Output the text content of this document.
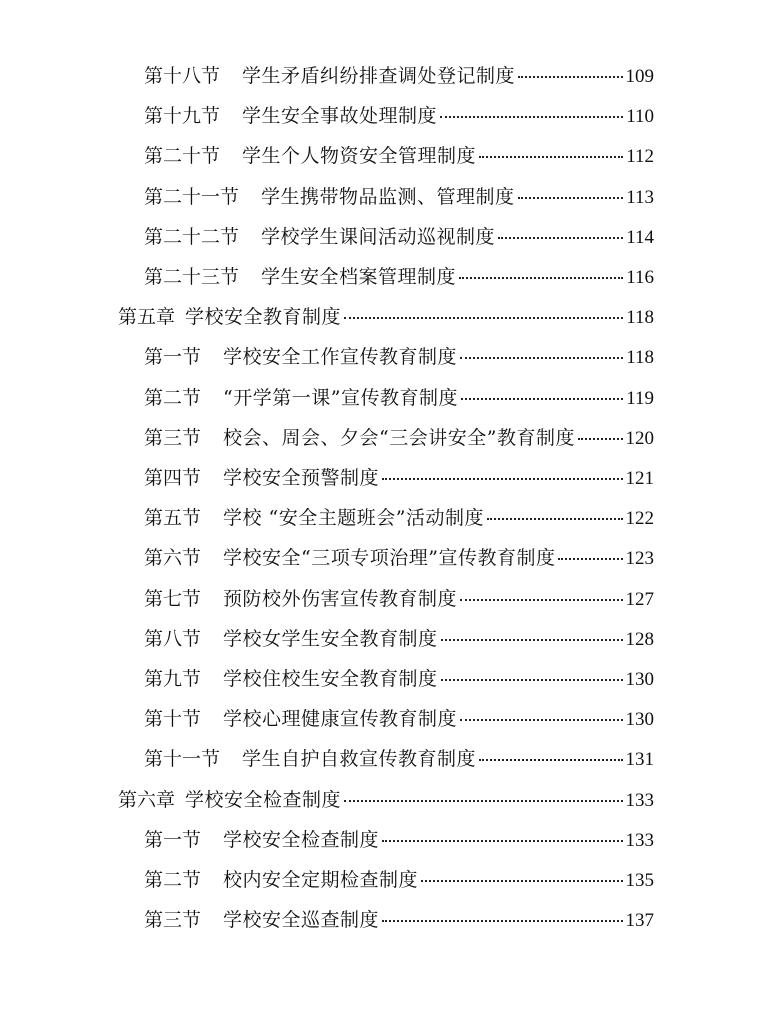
第十八节 学生矛盾纠纷排查调处登记制度	109
第十九节 学生安全事故处理制度	110
第二十节 学生个人物资安全管理制度	112
第二十一节 学生携带物品监测、管理制度	113
第二十二节 学校学生课间活动巡视制度	114
第二十三节 学生安全档案管理制度	116
第五章 学校安全教育制度	118
第一节 学校安全工作宣传教育制度	118
第二节 “开学第一课”宣传教育制度	119
第三节 校会、周会、夕会“三会讲安全”教育制度	120
第四节 学校安全预警制度	121
第五节 学校 “安全主题班会”活动制度	122
第六节 学校安全“三项专项治理”宣传教育制度	123
第七节 预防校外伤害宣传教育制度	127
第八节 学校女学生安全教育制度	128
第九节 学校住校生安全教育制度	130
第十节 学校心理健康宣传教育制度	130
第十一节 学生自护自救宣传教育制度	131
第六章 学校安全检查制度	133
第一节 学校安全检查制度	133
第二节 校内安全定期检查制度	135
第三节 学校安全巡查制度	137
